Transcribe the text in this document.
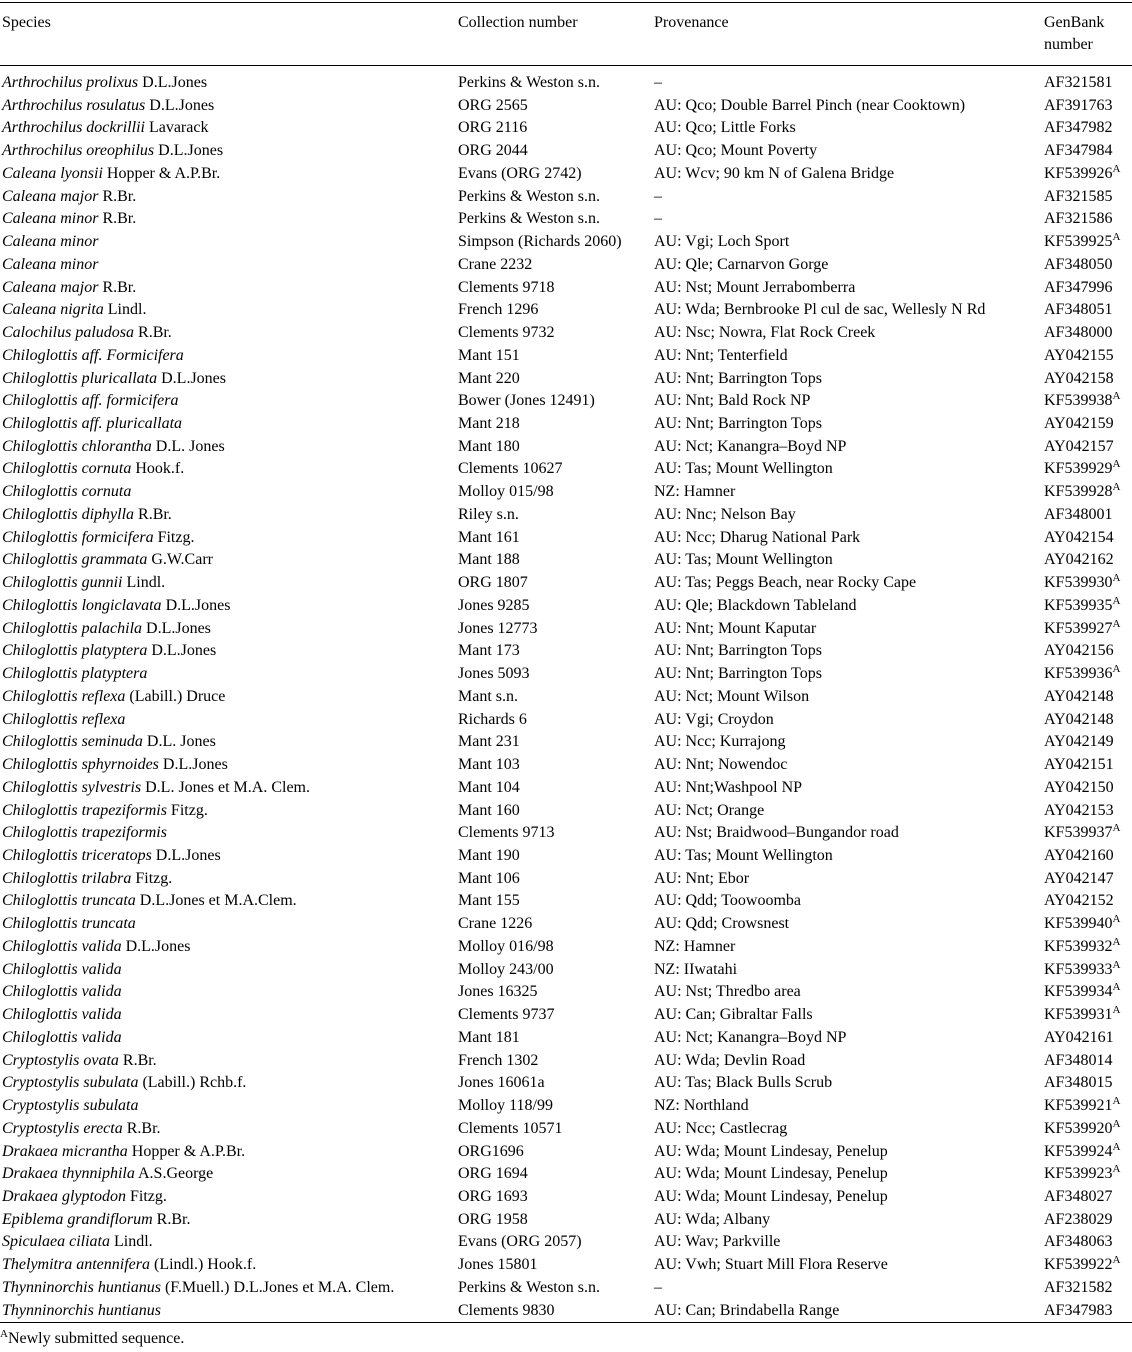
Species	Collection number	Provenance	GenBank number
Arthrochilus prolixus D.L.Jones	Perkins & Weston s.n.	–	AF321581
Arthrochilus rosulatus D.L.Jones	ORG 2565	AU: Qco; Double Barrel Pinch (near Cooktown)	AF391763
Arthrochilus dockrillii Lavarack	ORG 2116	AU: Qco; Little Forks	AF347982
Arthrochilus oreophilus D.L.Jones	ORG 2044	AU: Qco; Mount Poverty	AF347984
Caleana lyonsii Hopper & A.P.Br.	Evans (ORG 2742)	AU: Wcv; 90 km N of Galena Bridge	$KF539926^A$
Caleana major R.Br.	Perkins & Weston s.n.	–	AF321585
Caleana minor R.Br.	Perkins & Weston s.n.	–	AF321586
Caleana minor	Simpson (Richards 2060)	AU: Vgi; Loch Sport	$KF539925^A$
Caleana minor	Crane 2232	AU: Qle; Carnarvon Gorge	AF348050
Caleana major R.Br.	Clements 9718	AU: Nst; Mount Jerrabomberra	AF347996
Caleana nigrita Lindl.	French 1296	AU: Wda; Bernbrooke Pl cul de sac, Wellesly N Rd	AF348051
Calochilus paludosa R.Br.	Clements 9732	AU: Nsc; Nowra, Flat Rock Creek	AF348000
Chiloglottis aff. Formicifera	Mant 151	AU: Nnt; Tenterfield	AY042155
Chiloglottis pluricallata D.L.Jones	Mant 220	AU: Nnt; Barrington Tops	AY042158
Chiloglottis aff. formicifera	Bower (Jones 12491)	AU: Nnt; Bald Rock NP	$KF539938^A$
Chiloglottis aff. pluricallata	Mant 218	AU: Nnt; Barrington Tops	AY042159
Chiloglottis chlorantha D.L. Jones	Mant 180	AU: Nct; Kanangra–Boyd NP	AY042157
Chiloglottis cornuta Hook.f.	Clements 10627	AU: Tas; Mount Wellington	$KF539929^A$
Chiloglottis cornuta	Molloy 015/98	NZ: Hamner	$KF539928^A$
Chiloglottis diphylla R.Br.	Riley s.n.	AU: Nnc; Nelson Bay	AF348001
Chiloglottis formicifera Fitzg.	Mant 161	AU: Ncc; Dharug National Park	AY042154
Chiloglottis grammata G.W.Carr	Mant 188	AU: Tas; Mount Wellington	AY042162
Chiloglottis gunnii Lindl.	ORG 1807	AU: Tas; Peggs Beach, near Rocky Cape	$KF539930^A$
Chiloglottis longiclavata D.L.Jones	Jones 9285	AU: Qle; Blackdown Tableland	$KF539935^A$
Chiloglottis palachila D.L.Jones	Jones 12773	AU: Nnt; Mount Kaputar	$KF539927^A$
Chiloglottis platyptera D.L.Jones	Mant 173	AU: Nnt; Barrington Tops	AY042156
Chiloglottis platyptera	Jones 5093	AU: Nnt; Barrington Tops	$KF539936^A$
Chiloglottis reflexa (Labill.) Druce	Mant s.n.	AU: Nct; Mount Wilson	AY042148
Chiloglottis reflexa	Richards 6	AU: Vgi; Croydon	AY042148
Chiloglottis seminuda D.L. Jones	Mant 231	AU: Ncc; Kurrajong	AY042149
Chiloglottis sphyrnoides D.L.Jones	Mant 103	AU: Nnt; Nowendoc	AY042151
Chiloglottis sylvestris D.L. Jones et M.A. Clem.	Mant 104	AU: Nnt;Washpool NP	AY042150
Chiloglottis trapeziformis Fitzg.	Mant 160	AU: Nct; Orange	AY042153
Chiloglottis trapeziformis	Clements 9713	AU: Nst; Braidwood–Bungandor road	$KF539937^A$
Chiloglottis triceratops D.L.Jones	Mant 190	AU: Tas; Mount Wellington	AY042160
Chiloglottis trilabra Fitzg.	Mant 106	AU: Nnt; Ebor	AY042147
Chiloglottis truncata D.L.Jones et M.A.Clem.	Mant 155	AU: Qdd; Toowoomba	AY042152
Chiloglottis truncata	Crane 1226	AU: Qdd; Crowsnest	$KF539940^A$
Chiloglottis valida D.L.Jones	Molloy 016/98	NZ: Hamner	$KF539932^A$
Chiloglottis valida	Molloy 243/00	NZ: IIwatahi	$KF539933^A$
Chiloglottis valida	Jones 16325	AU: Nst; Thredbo area	$KF539934^A$
Chiloglottis valida	Clements 9737	AU: Can; Gibraltar Falls	$KF539931^A$
Chiloglottis valida	Mant 181	AU: Nct; Kanangra–Boyd NP	AY042161
Cryptostylis ovata R.Br.	French 1302	AU: Wda; Devlin Road	AF348014
Cryptostylis subulata (Labill.) Rchb.f.	Jones 16061a	AU: Tas; Black Bulls Scrub	AF348015
Cryptostylis subulata	Molloy 118/99	NZ: Northland	$KF539921^A$
Cryptostylis erecta R.Br.	Clements 10571	AU: Ncc; Castlecrag	$KF539920^A$
Drakaea micrantha Hopper & A.P.Br.	ORG1696	AU: Wda; Mount Lindesay, Penelup	$KF539924^A$
Drakaea thynniphila A.S.George	ORG 1694	AU: Wda; Mount Lindesay, Penelup	$KF539923^A$
Drakaea glyptodon Fitzg.	ORG 1693	AU: Wda; Mount Lindesay, Penelup	AF348027
Epiblema grandiflorum R.Br.	ORG 1958	AU: Wda; Albany	AF238029
Spiculaea ciliata Lindl.	Evans (ORG 2057)	AU: Wav; Parkville	AF348063
Thelymitra antennifera (Lindl.) Hook.f.	Jones 15801	AU: Vwh; Stuart Mill Flora Reserve	$KF539922^A$
Thynninorchis huntianus (F.Muell.) D.L.Jones et M.A. Clem.	Perkins & Weston s.n.	–	AF321582
Thynninorchis huntianus	Clements 9830	AU: Can; Brindabella Range	AF347983
$^A$Newly submitted sequence.
